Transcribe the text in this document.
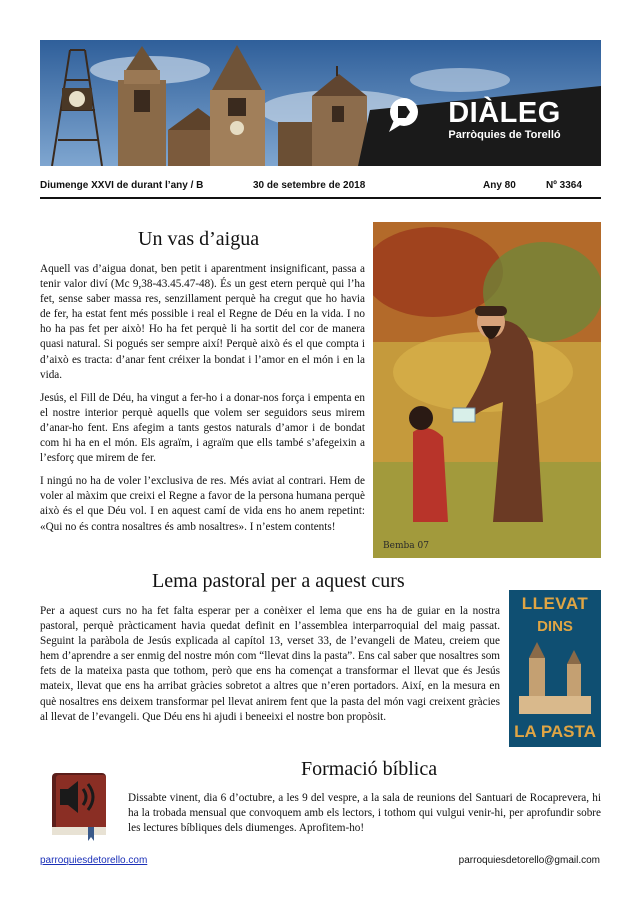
DIÀLEG
Parròquies de Torelló
Diumenge XXVI de durant l’any / B	30 de setembre de 2018	Any 80	Nº 3364
Un vas d’aigua

Aquell vas d’aigua donat, ben petit i aparentment insignificant, passa a tenir valor diví (Mc 9,38-43.45.47-48). És un gest etern perquè qui l’ha fet, sense saber massa res, senzillament perquè ha cregut que ho havia de fer, ha estat fent més possible i real el Regne de Déu en la vida. I no ho ha pas fet per això! Ho ha fet perquè li ha sortit del cor de manera quasi natural. Si pogués ser sempre així! Perquè això és el que compta i d’això es tracta: d’anar fent créixer la bondat i l’amor en el món i en la vida.

Jesús, el Fill de Déu, ha vingut a fer-ho i a donar-nos força i empenta en el nostre interior perquè aquells que volem ser seguidors seus mirem d’anar-ho fent. Ens afegim a tants gestos naturals d’amor i de bondat com hi ha en el món. Els agraïm, i agraïm que ells també s’afegeixin a l’esforç que mirem de fer.

I ningú no ha de voler l’exclusiva de res. Més aviat al contrari. Hem de voler al màxim que creixi el Regne a favor de la persona humana perquè això és el que Déu vol. I en aquest camí de vida ens ho anem repetint: «Qui no és contra nosaltres és amb nosaltres». I n’estem contents!

Bemba 07
Lema pastoral per a aquest curs

Per a aquest curs no ha fet falta esperar per a conèixer el lema que ens ha de guiar en la nostra pastoral, perquè pràcticament havia quedat definit en l’assemblea interparroquial del maig passat. Seguint la paràbola de Jesús explicada al capítol 13, verset 33, de l’evangeli de Mateu, creiem que hem d’aprendre a ser enmig del nostre món com “llevat dins la pasta”. Ens cal saber que nosaltres som fets de la mateixa pasta que tothom, però que ens ha començat a transformar el llevat que és Jesús mateix, llevat que ens ha arribat gràcies sobretot a altres que n’eren portadors. Així, en la mesura en què nosaltres ens deixem transformar pel llevat anirem fent que la pasta del món vagi creixent gràcies al llevat de l’evangeli. Que Déu ens hi ajudi i beneeixi el nostre bon propòsit.

LLEVAT
DINS
LA PASTA
Formació bíblica

Dissabte vinent, dia 6 d’octubre, a les 9 del vespre, a la sala de reunions del Santuari de Rocaprevera, hi ha la trobada mensual que convoquem amb els lectors, i tothom qui vulgui venir-hi, per aprofundir sobre les lectures bíbliques dels diumenges. Aprofitem-ho!

parroquiesdetorello.com	parroquiesdetorello@gmail.com
